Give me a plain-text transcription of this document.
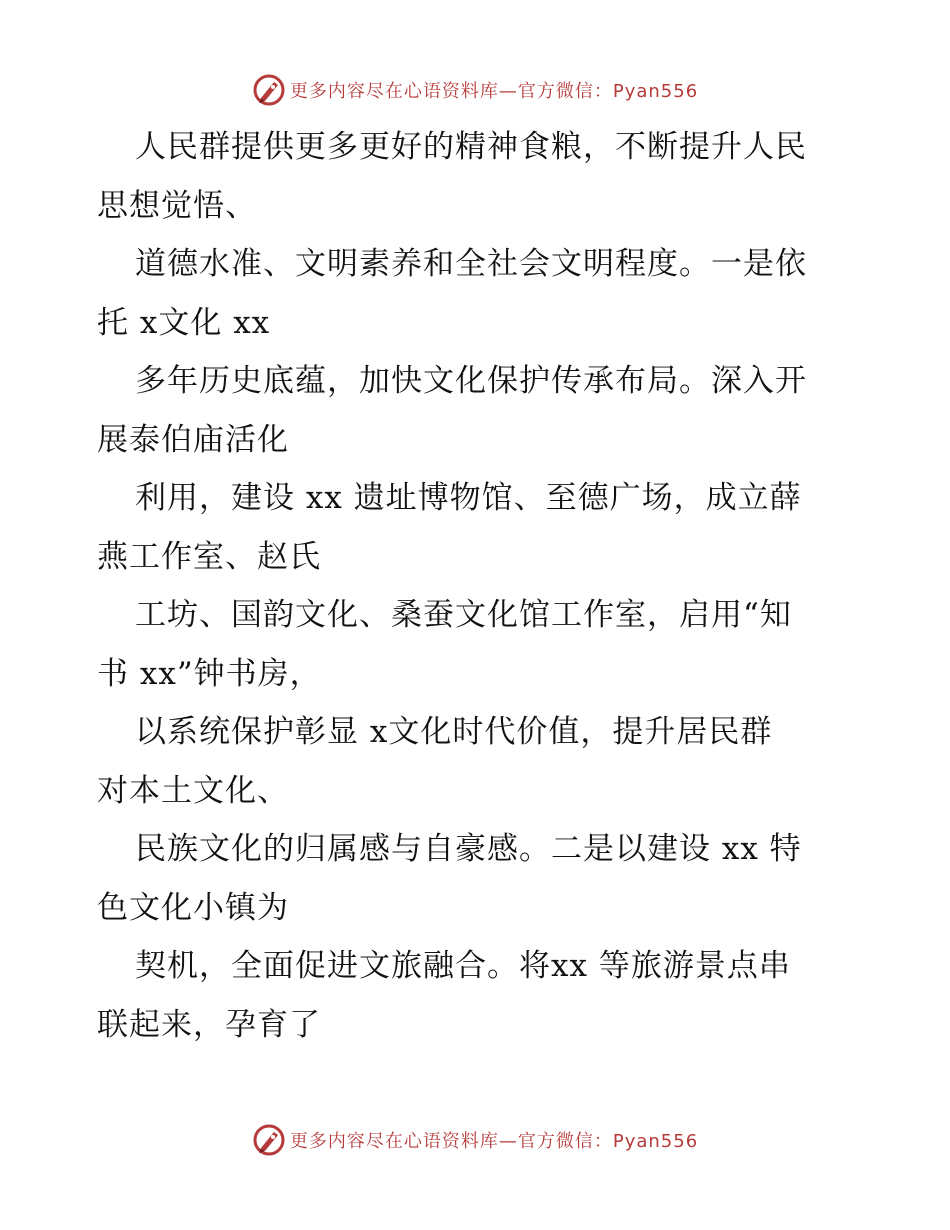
更多内容尽在心语资料库—官方微信：Pyan556

人民群提供更多更好的精神食粮，不断提升人民
思想觉悟、

道德水准、文明素养和全社会文明程度。一是依
托 x文化 xx

多年历史底蕴，加快文化保护传承布局。深入开
展泰伯庙活化

利用，建设 xx 遗址博物馆、至德广场，成立薛
燕工作室、赵氏

工坊、国韵文化、桑蚕文化馆工作室，启用“知
书 xx”钟书房，

以系统保护彰显 x文化时代价值，提升居民群
对本土文化、

民族文化的归属感与自豪感。二是以建设 xx 特
色文化小镇为

契机，全面促进文旅融合。将xx 等旅游景点串
联起来，孕育了

更多内容尽在心语资料库—官方微信：Pyan556
